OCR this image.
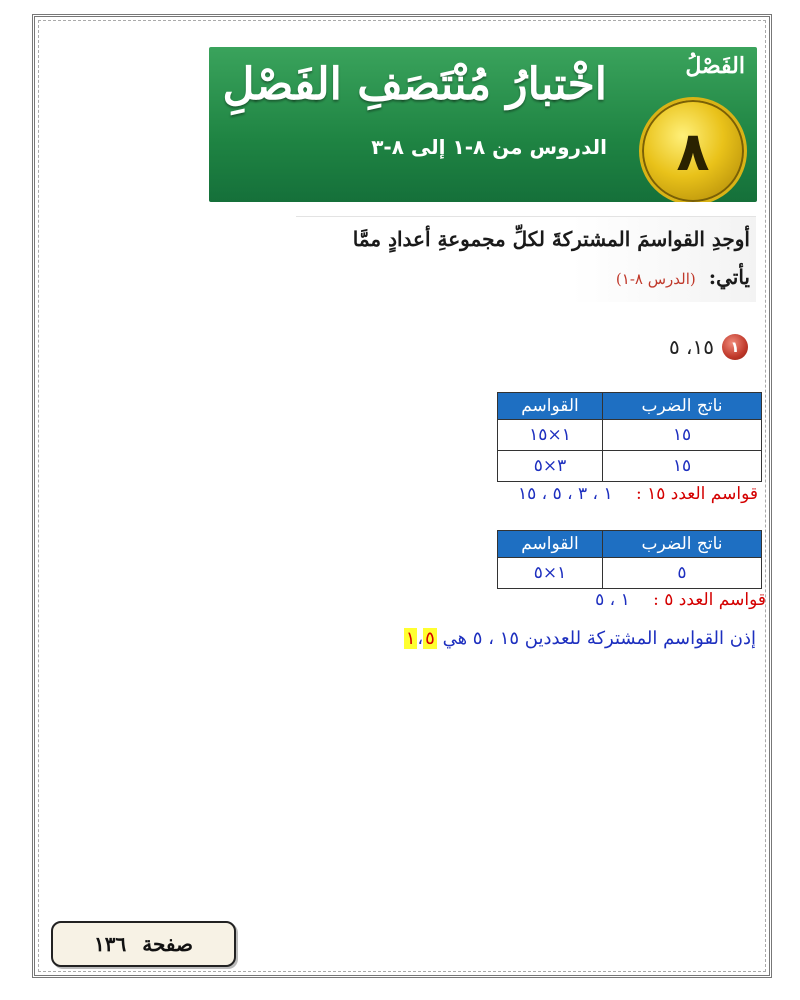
الفَصْلُ
٨
اخْتبارُ مُنْتَصَفِ الفَصْلِ
الدروس من ٨-١ إلى ٨-٣
أوجدِ القواسمَ المشتركةَ لكلِّ مجموعةِ أعدادٍ ممَّا
يأتي: (الدرس ٨-١)
١
١٥، ٥
ناتج الضرب	القواسم
١٥	١×١٥
١٥	٣×٥
قواسم العدد ١٥ : ١ ، ٣ ، ٥ ، ١٥
ناتج الضرب	القواسم
٥	١×٥
قواسم العدد ٥ : ١ ، ٥
إذن القواسم المشتركة للعددين ١٥ ، ٥ هي ١ ، ٥
صفحة
١٣٦
